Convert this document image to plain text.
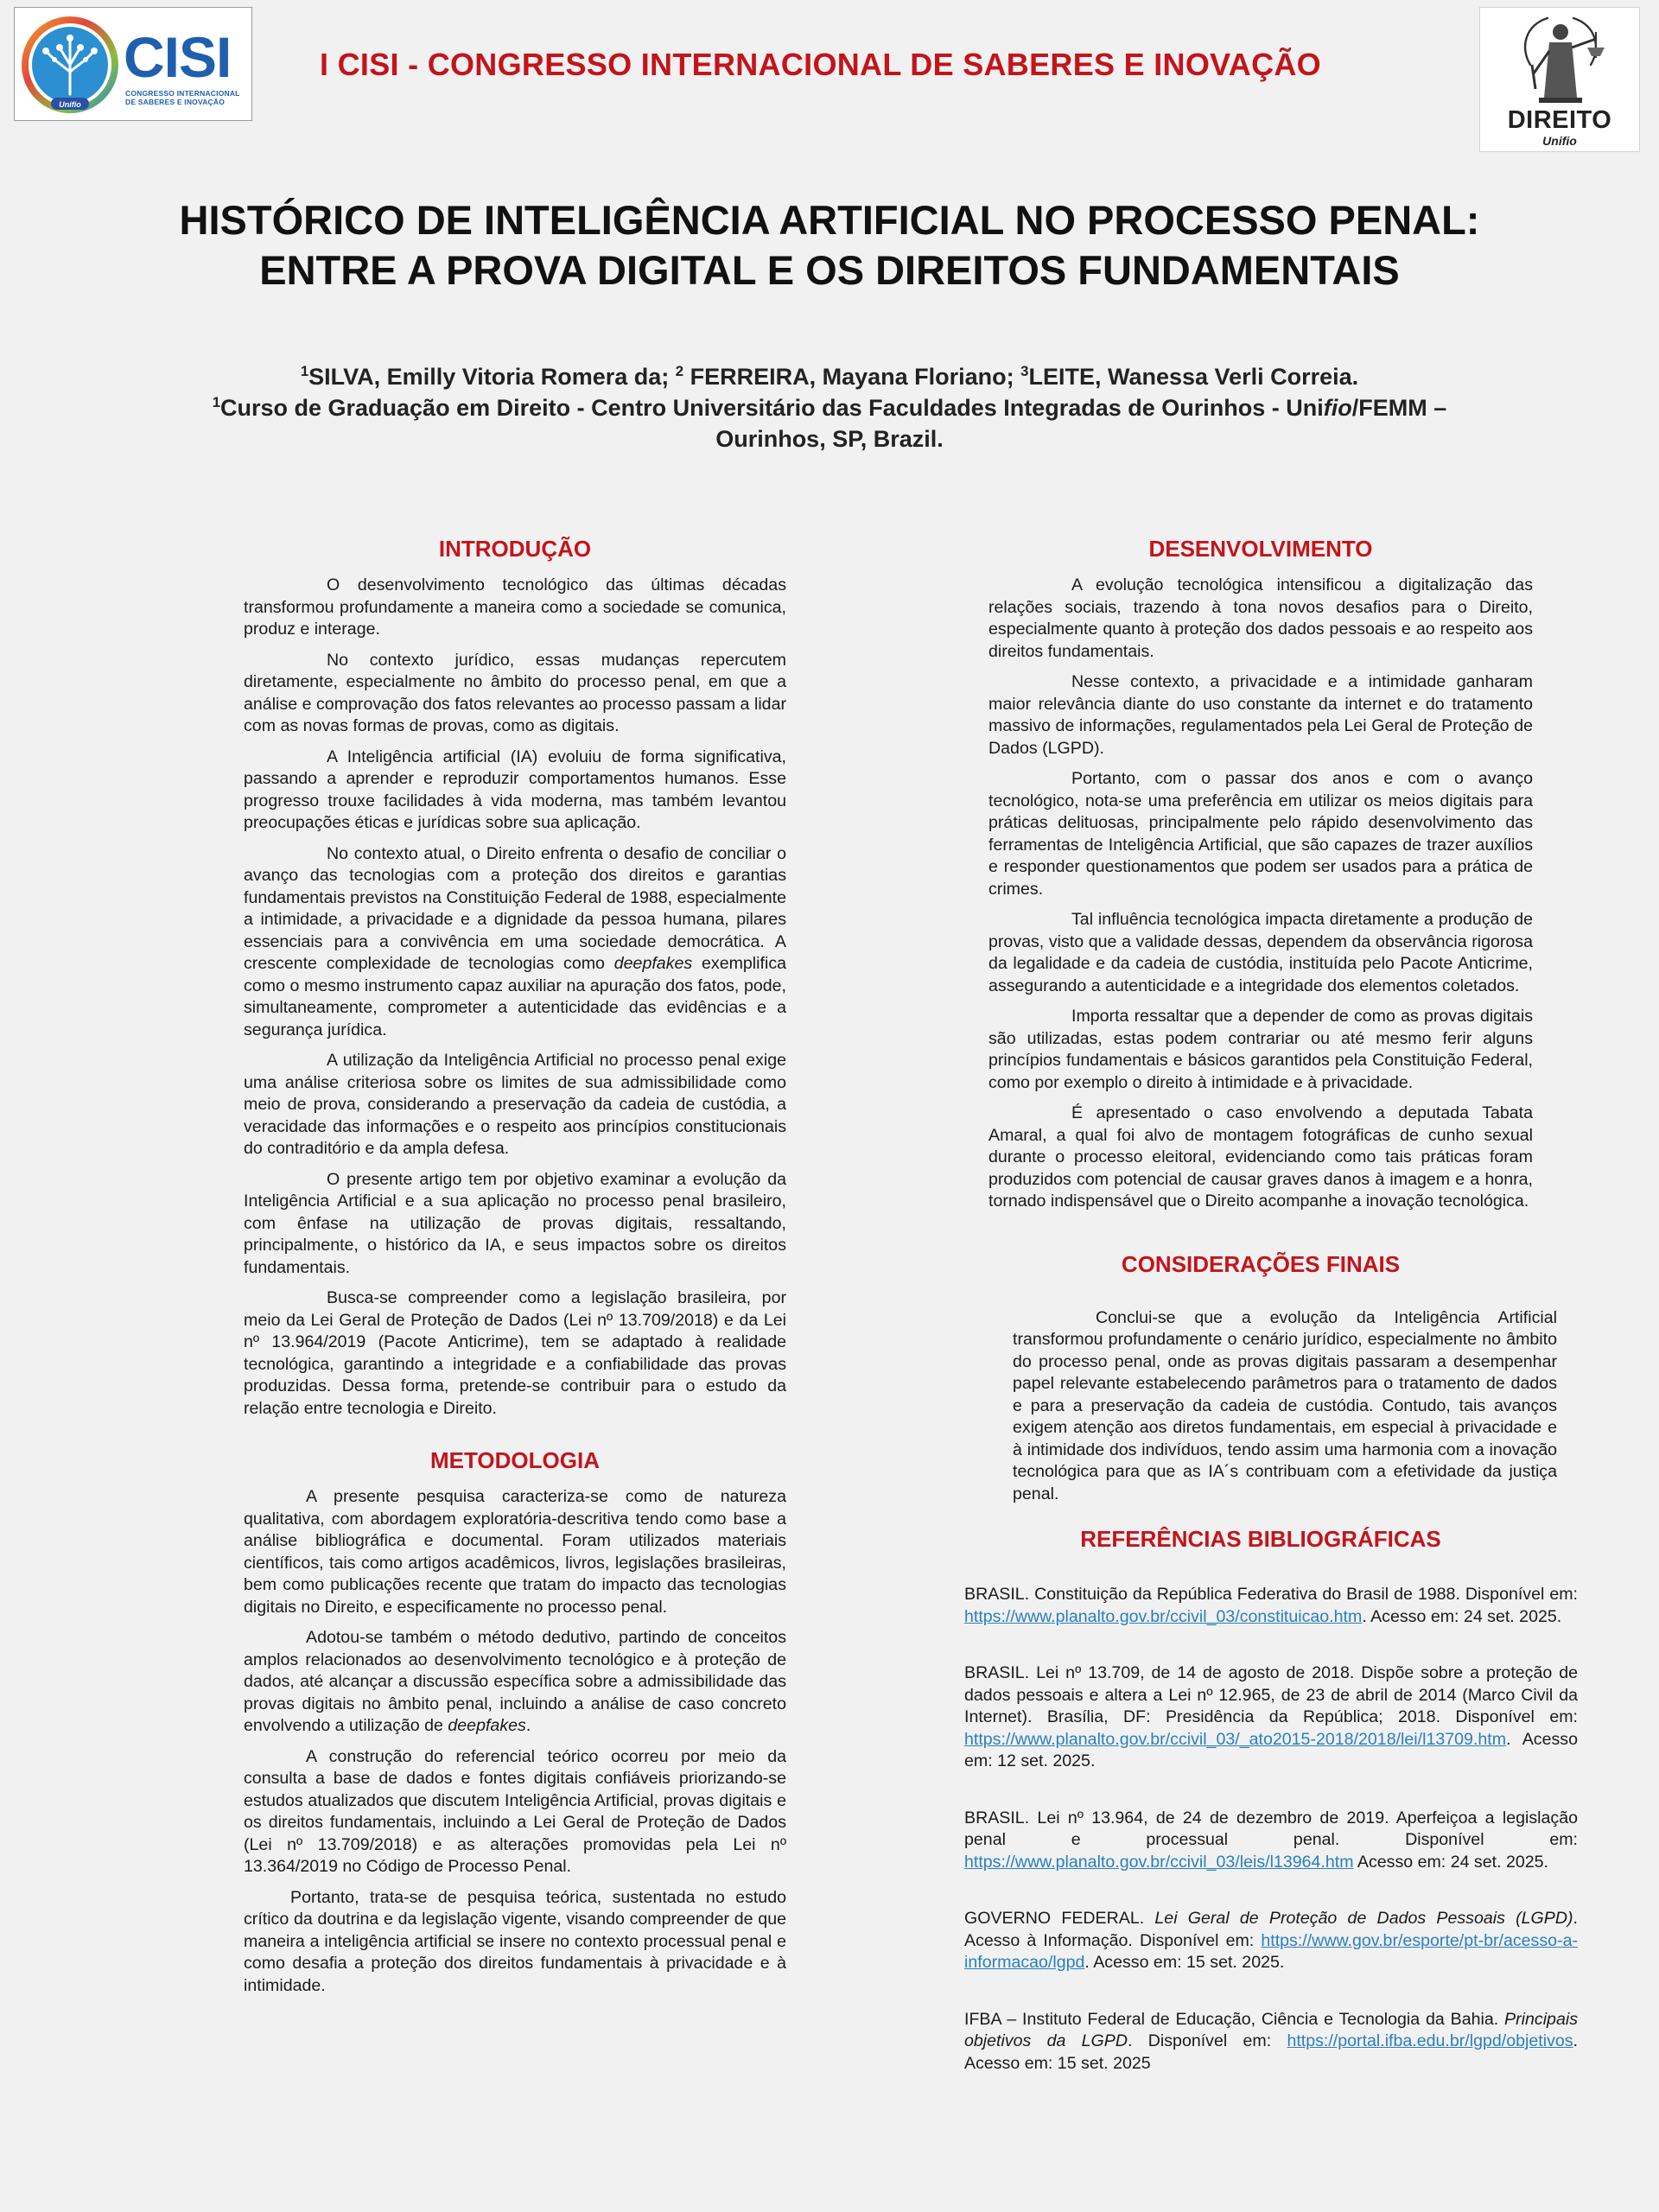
Unifio
CISI
CONGRESSO INTERNACIONAL DE SABERES E INOVAÇÃO
I CISI - CONGRESSO INTERNACIONAL DE SABERES E INOVAÇÃO
DIREITO
Unifio
HISTÓRICO DE INTELIGÊNCIA ARTIFICIAL NO PROCESSO PENAL:
ENTRE A PROVA DIGITAL E OS DIREITOS FUNDAMENTAIS
$^1$SILVA, Emilly Vitoria Romera da; $^2$ FERREIRA, Mayana Floriano; $^3$LEITE, Wanessa Verli Correia.
$^1$Curso de Graduação em Direito - Centro Universitário das Faculdades Integradas de Ourinhos - Unifio/FEMM –
Ourinhos, SP, Brazil.
INTRODUÇÃO

O desenvolvimento tecnológico das últimas décadas transformou profundamente a maneira como a sociedade se comunica, produz e interage.

No contexto jurídico, essas mudanças repercutem diretamente, especialmente no âmbito do processo penal, em que a análise e comprovação dos fatos relevantes ao processo passam a lidar com as novas formas de provas, como as digitais.

A Inteligência artificial (IA) evoluiu de forma significativa, passando a aprender e reproduzir comportamentos humanos. Esse progresso trouxe facilidades à vida moderna, mas também levantou preocupações éticas e jurídicas sobre sua aplicação.

No contexto atual, o Direito enfrenta o desafio de conciliar o avanço das tecnologias com a proteção dos direitos e garantias fundamentais previstos na Constituição Federal de 1988, especialmente a intimidade, a privacidade e a dignidade da pessoa humana, pilares essenciais para a convivência em uma sociedade democrática. A crescente complexidade de tecnologias como deepfakes exemplifica como o mesmo instrumento capaz auxiliar na apuração dos fatos, pode, simultaneamente, comprometer a autenticidade das evidências e a segurança jurídica.

A utilização da Inteligência Artificial no processo penal exige uma análise criteriosa sobre os limites de sua admissibilidade como meio de prova, considerando a preservação da cadeia de custódia, a veracidade das informações e o respeito aos princípios constitucionais do contraditório e da ampla defesa.

O presente artigo tem por objetivo examinar a evolução da Inteligência Artificial e a sua aplicação no processo penal brasileiro, com ênfase na utilização de provas digitais, ressaltando, principalmente, o histórico da IA, e seus impactos sobre os direitos fundamentais.

Busca-se compreender como a legislação brasileira, por meio da Lei Geral de Proteção de Dados (Lei nº 13.709/2018) e da Lei nº 13.964/2019 (Pacote Anticrime), tem se adaptado à realidade tecnológica, garantindo a integridade e a confiabilidade das provas produzidas. Dessa forma, pretende-se contribuir para o estudo da relação entre tecnologia e Direito.

METODOLOGIA

A presente pesquisa caracteriza-se como de natureza qualitativa, com abordagem exploratória-descritiva tendo como base a análise bibliográfica e documental. Foram utilizados materiais científicos, tais como artigos acadêmicos, livros, legislações brasileiras, bem como publicações recente que tratam do impacto das tecnologias digitais no Direito, e especificamente no processo penal.

Adotou-se também o método dedutivo, partindo de conceitos amplos relacionados ao desenvolvimento tecnológico e à proteção de dados, até alcançar a discussão específica sobre a admissibilidade das provas digitais no âmbito penal, incluindo a análise de caso concreto envolvendo a utilização de deepfakes.

A construção do referencial teórico ocorreu por meio da consulta a base de dados e fontes digitais confiáveis priorizando-se estudos atualizados que discutem Inteligência Artificial, provas digitais e os direitos fundamentais, incluindo a Lei Geral de Proteção de Dados (Lei nº 13.709/2018) e as alterações promovidas pela Lei nº 13.364/2019 no Código de Processo Penal.

Portanto, trata-se de pesquisa teórica, sustentada no estudo crítico da doutrina e da legislação vigente, visando compreender de que maneira a inteligência artificial se insere no contexto processual penal e como desafia a proteção dos direitos fundamentais à privacidade e à intimidade.

DESENVOLVIMENTO

A evolução tecnológica intensificou a digitalização das relações sociais, trazendo à tona novos desafios para o Direito, especialmente quanto à proteção dos dados pessoais e ao respeito aos direitos fundamentais.

Nesse contexto, a privacidade e a intimidade ganharam maior relevância diante do uso constante da internet e do tratamento massivo de informações, regulamentados pela Lei Geral de Proteção de Dados (LGPD).

Portanto, com o passar dos anos e com o avanço tecnológico, nota-se uma preferência em utilizar os meios digitais para práticas delituosas, principalmente pelo rápido desenvolvimento das ferramentas de Inteligência Artificial, que são capazes de trazer auxílios e responder questionamentos que podem ser usados para a prática de crimes.

Tal influência tecnológica impacta diretamente a produção de provas, visto que a validade dessas, dependem da observância rigorosa da legalidade e da cadeia de custódia, instituída pelo Pacote Anticrime, assegurando a autenticidade e a integridade dos elementos coletados.

Importa ressaltar que a depender de como as provas digitais são utilizadas, estas podem contrariar ou até mesmo ferir alguns princípios fundamentais e básicos garantidos pela Constituição Federal, como por exemplo o direito à intimidade e à privacidade.

É apresentado o caso envolvendo a deputada Tabata Amaral, a qual foi alvo de montagem fotográficas de cunho sexual durante o processo eleitoral, evidenciando como tais práticas foram produzidos com potencial de causar graves danos à imagem e a honra, tornado indispensável que o Direito acompanhe a inovação tecnológica.

CONSIDERAÇÕES FINAIS

Conclui-se que a evolução da Inteligência Artificial transformou profundamente o cenário jurídico, especialmente no âmbito do processo penal, onde as provas digitais passaram a desempenhar papel relevante estabelecendo parâmetros para o tratamento de dados e para a preservação da cadeia de custódia. Contudo, tais avanços exigem atenção aos diretos fundamentais, em especial à privacidade e à intimidade dos indivíduos, tendo assim uma harmonia com a inovação tecnológica para que as IA´s contribuam com a efetividade da justiça penal.

REFERÊNCIAS BIBLIOGRÁFICAS

BRASIL. Constituição da República Federativa do Brasil de 1988. Disponível em: https://www.planalto.gov.br/ccivil_03/constituicao.htm. Acesso em: 24 set. 2025.

BRASIL. Lei nº 13.709, de 14 de agosto de 2018. Dispõe sobre a proteção de dados pessoais e altera a Lei nº 12.965, de 23 de abril de 2014 (Marco Civil da Internet). Brasília, DF: Presidência da República; 2018. Disponível em: https://www.planalto.gov.br/ccivil_03/_ato2015-2018/2018/lei/l13709.htm. Acesso em: 12 set. 2025.

BRASIL. Lei nº 13.964, de 24 de dezembro de 2019. Aperfeiçoa a legislação penal e processual penal. Disponível em: https://www.planalto.gov.br/ccivil_03/leis/l13964.htm Acesso em: 24 set. 2025.

GOVERNO FEDERAL. Lei Geral de Proteção de Dados Pessoais (LGPD). Acesso à Informação. Disponível em: https://www.gov.br/esporte/pt-br/acesso-a-informacao/lgpd. Acesso em: 15 set. 2025.

IFBA – Instituto Federal de Educação, Ciência e Tecnologia da Bahia. Principais objetivos da LGPD. Disponível em: https://portal.ifba.edu.br/lgpd/objetivos. Acesso em: 15 set. 2025
